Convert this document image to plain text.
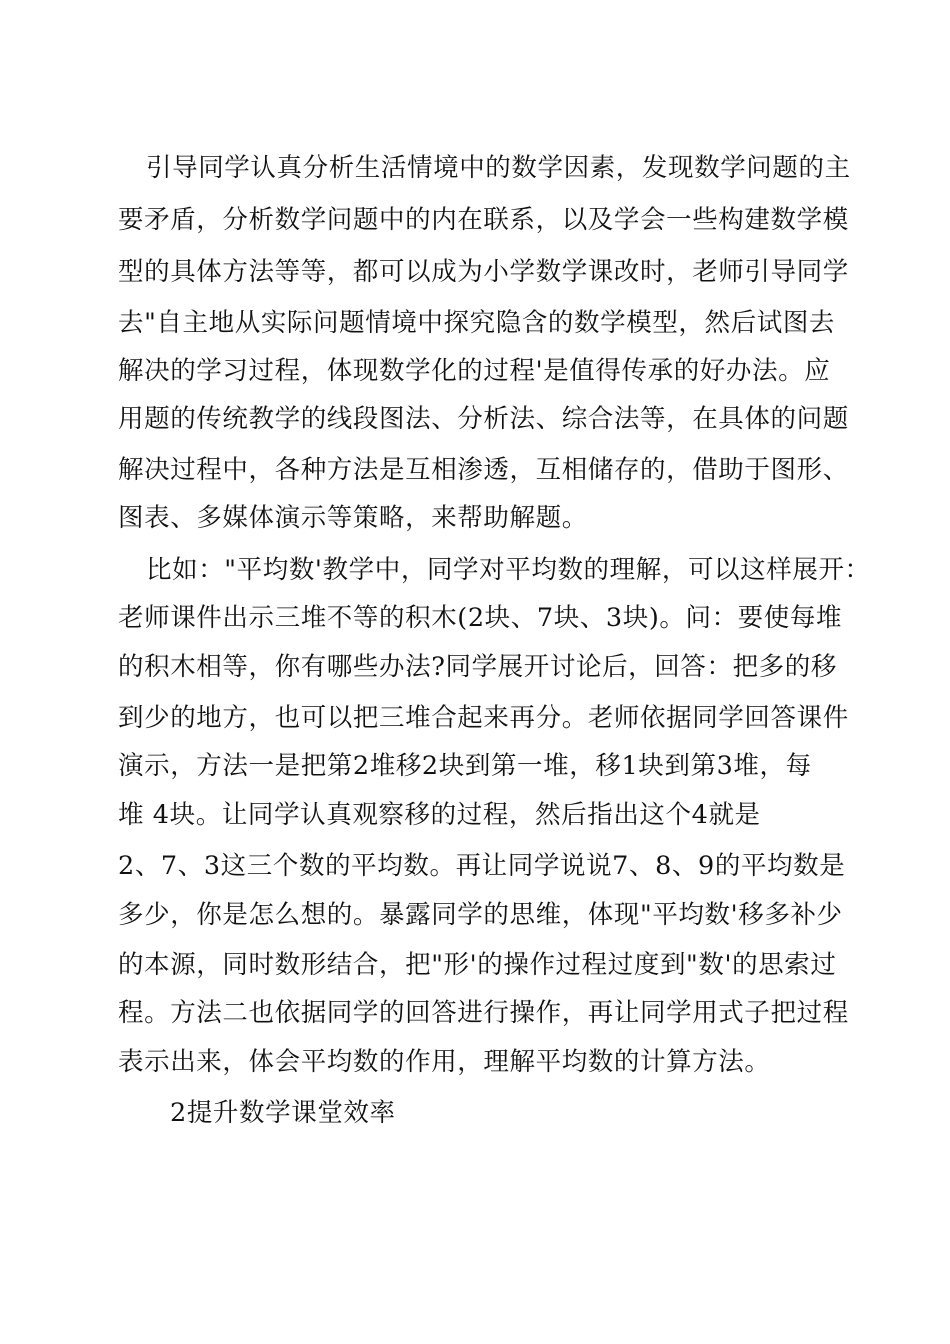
引导同学认真分析生活情境中的数学因素，发现数学问题的主
要矛盾，分析数学问题中的内在联系，以及学会一些构建数学模
型的具体方法等等，都可以成为小学数学课改时，老师引导同学
去"自主地从实际问题情境中探究隐含的数学模型，然后试图去
解决的学习过程，体现数学化的过程'是值得传承的好办法。应
用题的传统教学的线段图法、分析法、综合法等，在具体的问题
解决过程中，各种方法是互相渗透，互相储存的，借助于图形、
图表、多媒体演示等策略，来帮助解题。
比如："平均数'教学中，同学对平均数的理解，可以这样展开：
老师课件出示三堆不等的积木(2块、7块、3块)。问：要使每堆
的积木相等，你有哪些办法?同学展开讨论后，回答：把多的移
到少的地方，也可以把三堆合起来再分。老师依据同学回答课件
演示，方法一是把第2堆移2块到第一堆，移1块到第3堆，每
堆 4块。让同学认真观察移的过程，然后指出这个4就是
2、7、3这三个数的平均数。再让同学说说7、8、9的平均数是
多少，你是怎么想的。暴露同学的思维，体现"平均数'移多补少
的本源，同时数形结合，把"形'的操作过程过度到"数'的思索过
程。方法二也依据同学的回答进行操作，再让同学用式子把过程
表示出来，体会平均数的作用，理解平均数的计算方法。
2提升数学课堂效率
